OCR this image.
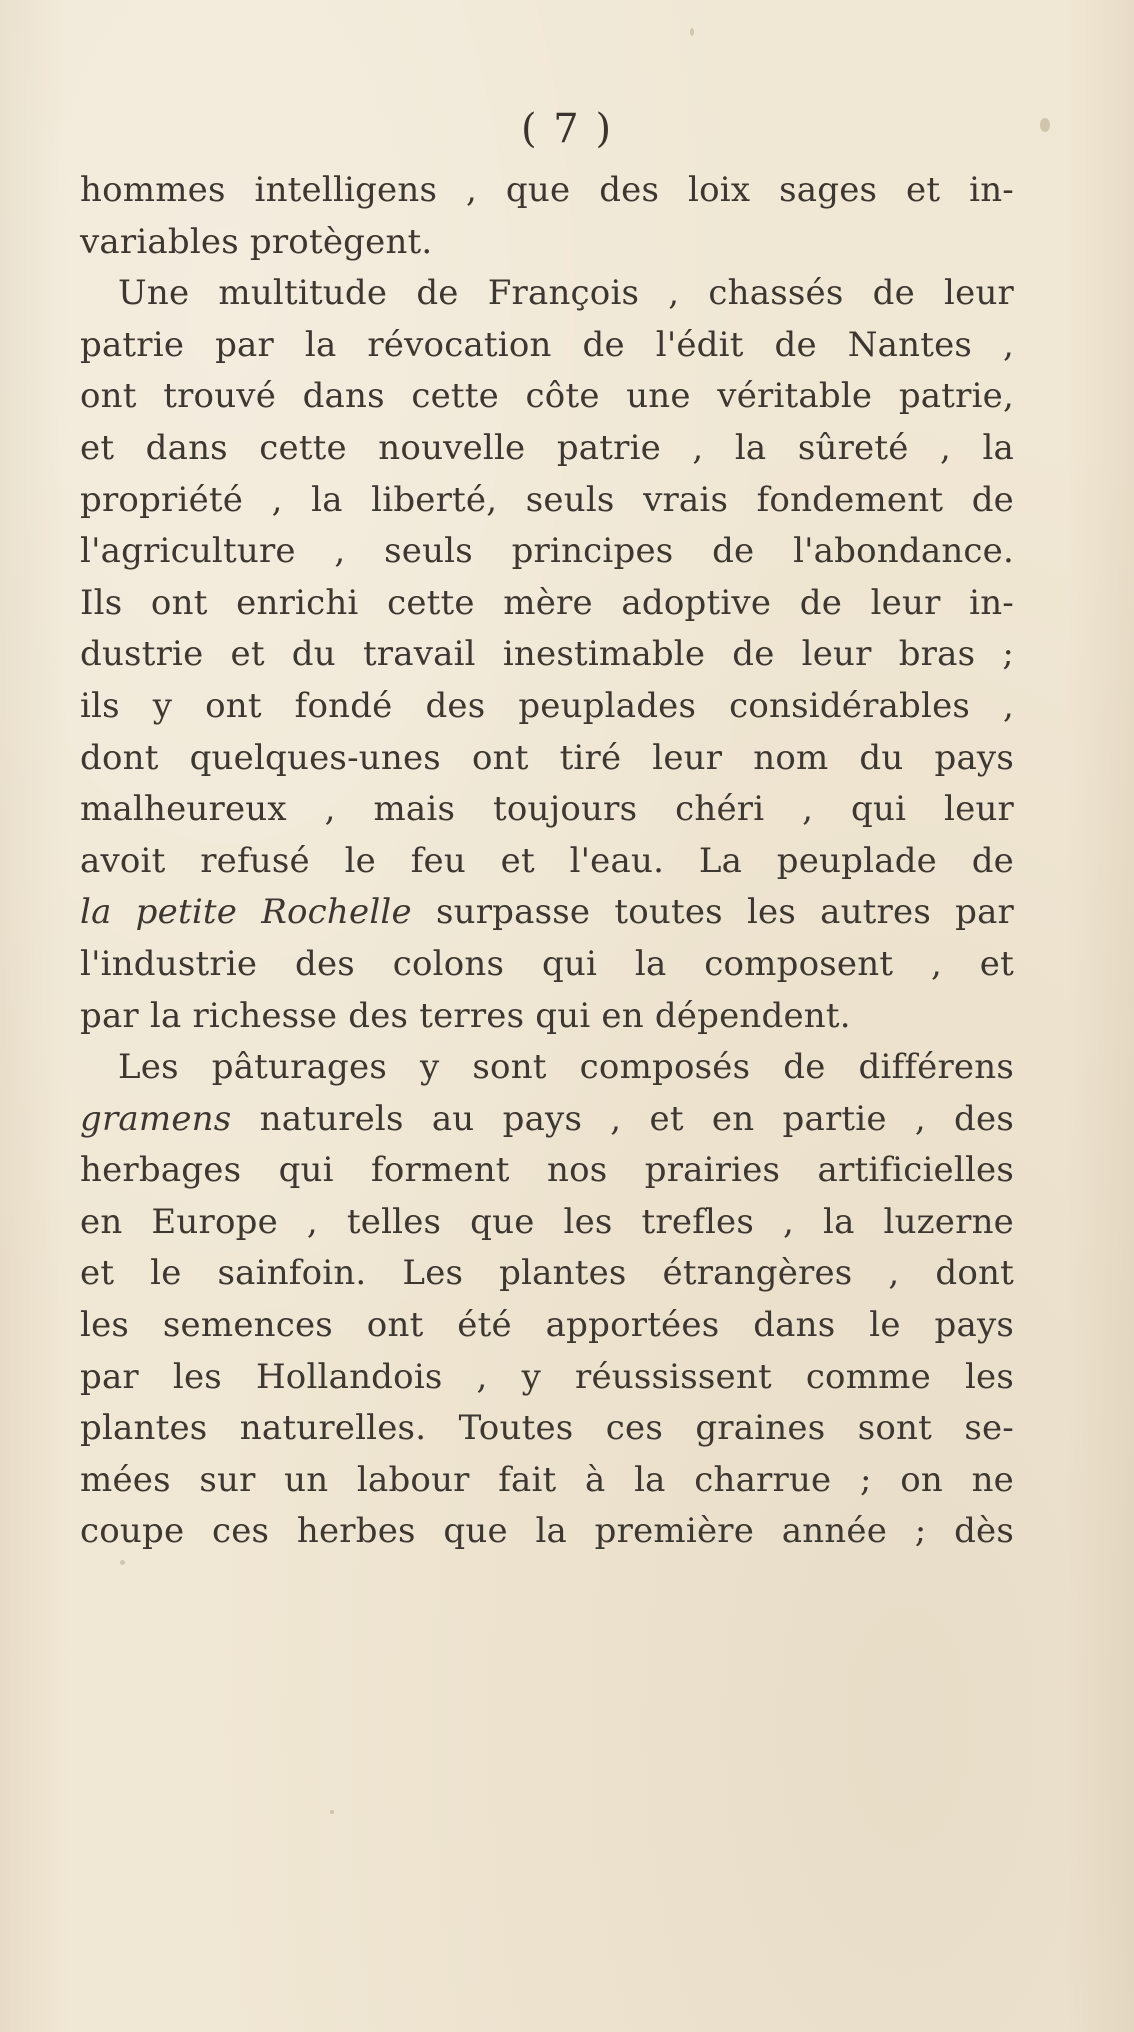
( 7 )
hommes intelligens , que des loix sages et in-
variables protègent.
Une multitude de François , chassés de leur
patrie par la révocation de l'édit de Nantes ,
ont trouvé dans cette côte une véritable patrie,
et dans cette nouvelle patrie , la sûreté , la
propriété , la liberté, seuls vrais fondement de
l'agriculture , seuls principes de l'abondance.
Ils ont enrichi cette mère adoptive de leur in-
dustrie et du travail inestimable de leur bras ;
ils y ont fondé des peuplades considérables ,
dont quelques-unes ont tiré leur nom du pays
malheureux , mais toujours chéri , qui leur
avoit refusé le feu et l'eau. La peuplade de
la petite Rochelle surpasse toutes les autres par
l'industrie des colons qui la composent , et
par la richesse des terres qui en dépendent.
Les pâturages y sont composés de différens
gramens naturels au pays , et en partie , des
herbages qui forment nos prairies artificielles
en Europe , telles que les trefles , la luzerne
et le sainfoin. Les plantes étrangères , dont
les semences ont été apportées dans le pays
par les Hollandois , y réussissent comme les
plantes naturelles. Toutes ces graines sont se-
mées sur un labour fait à la charrue ; on ne
coupe ces herbes que la première année ; dès
